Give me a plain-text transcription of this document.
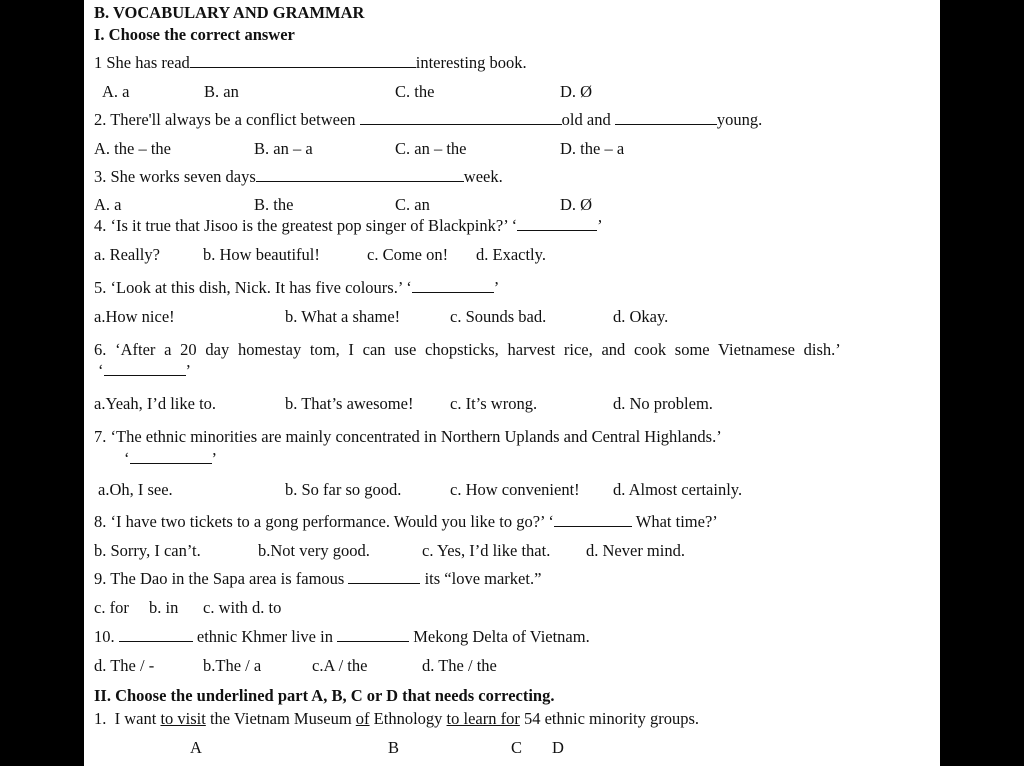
B. VOCABULARY AND GRAMMAR
I. Choose the correct answer
1 She has read	interesting book.
A. a	B. an	C. the	D. Ø
2. There'll always be a conflict between	old and	young.
A. the – the	B. an – a	C. an – the	D. the – a
3. She works seven days	week.
A. a	B. the	C. an	D. Ø
4. ‘Is it true that Jisoo is the greatest pop singer of Blackpink?’ ‘	’
a. Really?	b. How beautiful!	c. Come on! d. Exactly.
5. ‘Look at this dish, Nick. It has five colours.’ ‘	’
a.How nice!	b. What a shame!	c. Sounds bad.	d. Okay.
6. ‘After a 20 day homestay tom, I can use chopsticks, harvest rice, and cook some Vietnamese dish.’
‘	’
a.Yeah, I’d like to.	b. That’s awesome! c. It’s wrong.	d. No problem.
7. ‘The ethnic minorities are mainly concentrated in Northern Uplands and Central Highlands.’
‘	’
a.Oh, I see.	b. So far so good.	c. How convenient! d. Almost certainly.
8. ‘I have two tickets to a gong performance. Would you like to go?’ ‘	What time?’
b. Sorry, I can’t.	b.Not very good.	c. Yes, I’d like that. d. Never mind.
9. The Dao in the Sapa area is famous	its “love market.”
c. for b. in c. with d. to
10.	ethnic Khmer live in	Mekong Delta of Vietnam.
d. The / -	b.The / a	c.A / the	d. The / the
II. Choose the underlined part A, B, C or D that needs correcting.
1. I want to visit the Vietnam Museum of Ethnology to learn for 54 ethnic minority groups.
A	B	C D
